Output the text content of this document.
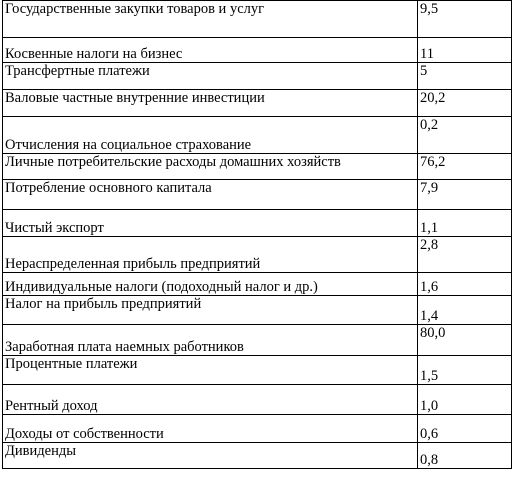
Государственные закупки товаров и услуг	9,5
Косвенные налоги на бизнес	11
Трансфертные платежи	5
Валовые частные внутренние инвестиции	20,2
Отчисления на социальное страхование	0,2
Личные потребительские расходы домашних хозяйств	76,2
Потребление основного капитала	7,9
Чистый экспорт	1,1
Нераспределенная прибыль предприятий	2,8
Индивидуальные налоги (подоходный налог и др.)	1,6
Налог на прибыль предприятий	1,4
Заработная плата наемных работников	80,0
Процентные платежи	1,5
Рентный доход	1,0
Доходы от собственности	0,6
Дивиденды	0,8
